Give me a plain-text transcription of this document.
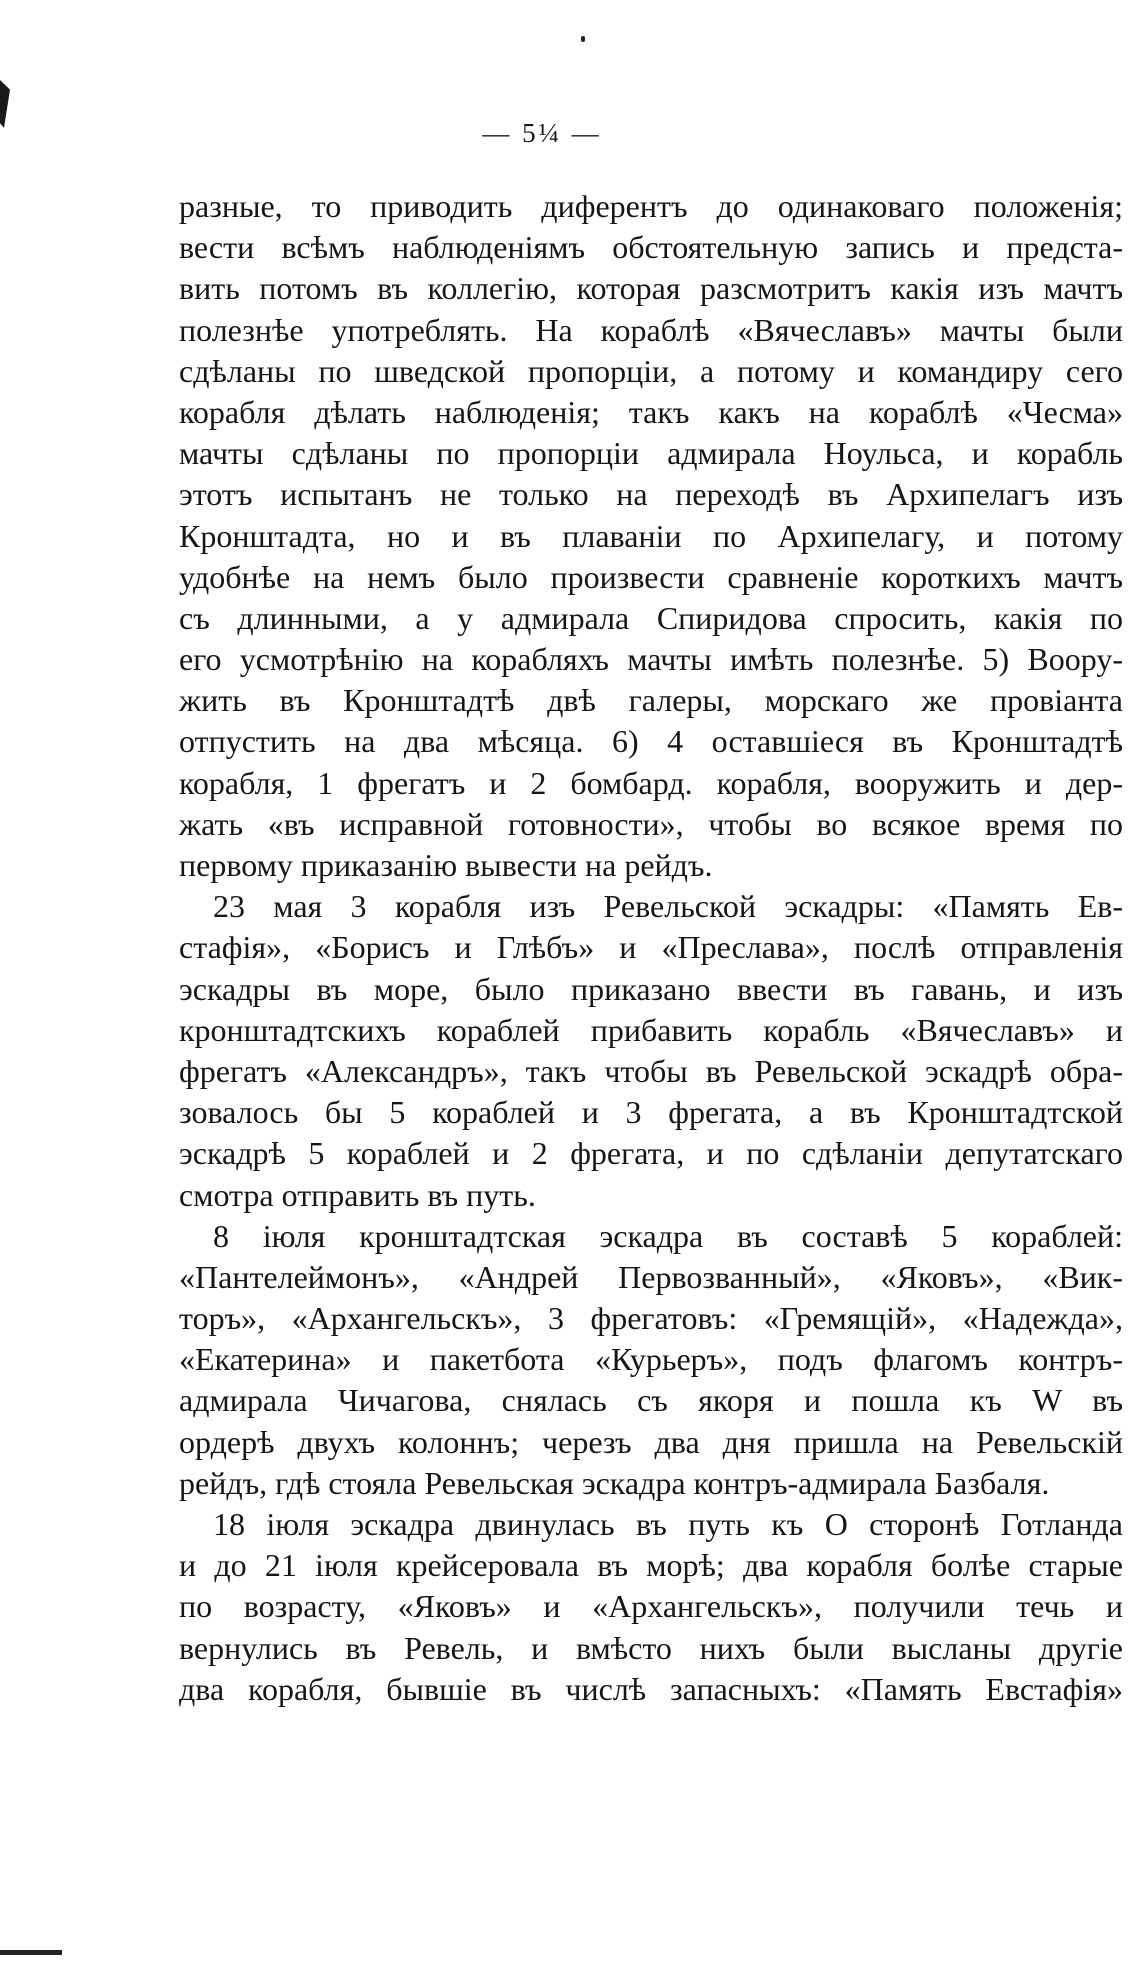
— 5¼ —
разные, то приводить диферентъ до одинаковаго положенія;
вести всѣмъ наблюденіямъ обстоятельную запись и предста-
вить потомъ въ коллегію, которая разсмотритъ какія изъ мачтъ
полезнѣе употреблять. На кораблѣ «Вячеславъ» мачты были
сдѣланы по шведской пропорціи, а потому и командиру сего
корабля дѣлать наблюденія; такъ какъ на кораблѣ «Чесма»
мачты сдѣланы по пропорціи адмирала Ноульса, и корабль
этотъ испытанъ не только на переходѣ въ Архипелагъ изъ
Кронштадта, но и въ плаваніи по Архипелагу, и потому
удобнѣе на немъ было произвести сравненіе короткихъ мачтъ
съ длинными, а у адмирала Спиридова спросить, какія по
его усмотрѣнію на корабляхъ мачты имѣть полезнѣе. 5) Воору-
жить въ Кронштадтѣ двѣ галеры, морскаго же провіанта
отпустить на два мѣсяца. 6) 4 оставшіеся въ Кронштадтѣ
корабля, 1 фрегатъ и 2 бомбард. корабля, вооружить и дер-
жать «въ исправной готовности», чтобы во всякое время по
первому приказанію вывести на рейдъ.
23 мая 3 корабля изъ Ревельской эскадры: «Память Ев-
стафія», «Борисъ и Глѣбъ» и «Преслава», послѣ отправленія
эскадры въ море, было приказано ввести въ гавань, и изъ
кронштадтскихъ кораблей прибавить корабль «Вячеславъ» и
фрегатъ «Александръ», такъ чтобы въ Ревельской эскадрѣ обра-
зовалось бы 5 кораблей и 3 фрегата, а въ Кронштадтской
эскадрѣ 5 кораблей и 2 фрегата, и по сдѣланіи депутатскаго
смотра отправить въ путь.
8 іюля кронштадтская эскадра въ составѣ 5 кораблей:
«Пантелеймонъ», «Андрей Первозванный», «Яковъ», «Вик-
торъ», «Архангельскъ», 3 фрегатовъ: «Гремящій», «Надежда»,
«Екатерина» и пакетбота «Курьеръ», подъ флагомъ контръ-
адмирала Чичагова, снялась съ якоря и пошла къ W въ
ордерѣ двухъ колоннъ; черезъ два дня пришла на Ревельскій
рейдъ, гдѣ стояла Ревельская эскадра контръ-адмирала Базбаля.
18 іюля эскадра двинулась въ путь къ О сторонѣ Готланда
и до 21 іюля крейсеровала въ морѣ; два корабля болѣе старые
по возрасту, «Яковъ» и «Архангельскъ», получили течь и
вернулись въ Ревель, и вмѣсто нихъ были высланы другіе
два корабля, бывшіе въ числѣ запасныхъ: «Память Евстафія»
